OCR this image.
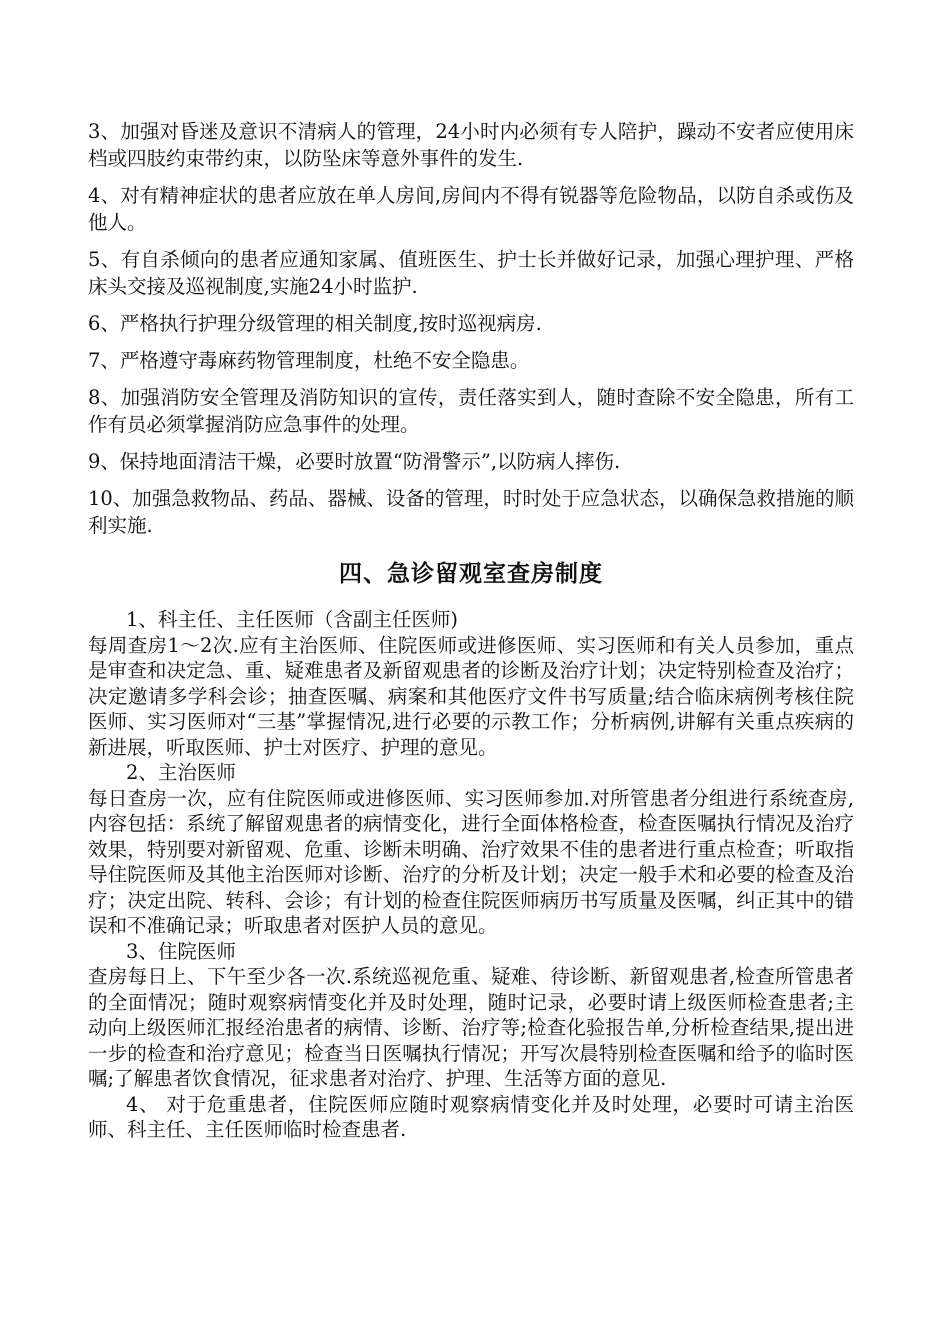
3、加强对昏迷及意识不清病人的管理，24小时内必须有专人陪护，躁动不安者应使用床档或四肢约束带约束，以防坠床等意外事件的发生.

4、对有精神症状的患者应放在单人房间,房间内不得有锐器等危险物品，以防自杀或伤及他人。

5、有自杀倾向的患者应通知家属、值班医生、护士长并做好记录，加强心理护理、严格床头交接及巡视制度,实施24小时监护.

6、严格执行护理分级管理的相关制度,按时巡视病房.

7、严格遵守毒麻药物管理制度，杜绝不安全隐患。

8、加强消防安全管理及消防知识的宣传，责任落实到人，随时查除不安全隐患，所有工作有员必须掌握消防应急事件的处理。

9、保持地面清洁干燥，必要时放置“防滑警示”,以防病人摔伤.

10、加强急救物品、药品、器械、设备的管理，时时处于应急状态，以确保急救措施的顺利实施.

四、急诊留观室查房制度

1、科主任、主任医师（含副主任医师)

每周查房1～2次.应有主治医师、住院医师或进修医师、实习医师和有关人员参加，重点是审查和决定急、重、疑难患者及新留观患者的诊断及治疗计划；决定特别检查及治疗；决定邀请多学科会诊；抽查医嘱、病案和其他医疗文件书写质量;结合临床病例考核住院医师、实习医师对“三基”掌握情况,进行必要的示教工作；分析病例,讲解有关重点疾病的新进展，听取医师、护士对医疗、护理的意见。

2、主治医师

每日查房一次，应有住院医师或进修医师、实习医师参加.对所管患者分组进行系统查房,内容包括：系统了解留观患者的病情变化，进行全面体格检查，检查医嘱执行情况及治疗效果，特别要对新留观、危重、诊断未明确、治疗效果不佳的患者进行重点检查；听取指导住院医师及其他主治医师对诊断、治疗的分析及计划；决定一般手术和必要的检查及治疗；决定出院、转科、会诊；有计划的检查住院医师病历书写质量及医嘱，纠正其中的错误和不准确记录；听取患者对医护人员的意见。

3、住院医师

查房每日上、下午至少各一次.系统巡视危重、疑难、待诊断、新留观患者,检查所管患者的全面情况；随时观察病情变化并及时处理，随时记录，必要时请上级医师检查患者;主动向上级医师汇报经治患者的病情、诊断、治疗等;检查化验报告单,分析检查结果,提出进一步的检查和治疗意见；检查当日医嘱执行情况；开写次晨特别检查医嘱和给予的临时医嘱;了解患者饮食情况，征求患者对治疗、护理、生活等方面的意见.

4、 对于危重患者，住院医师应随时观察病情变化并及时处理，必要时可请主治医师、科主任、主任医师临时检查患者.
